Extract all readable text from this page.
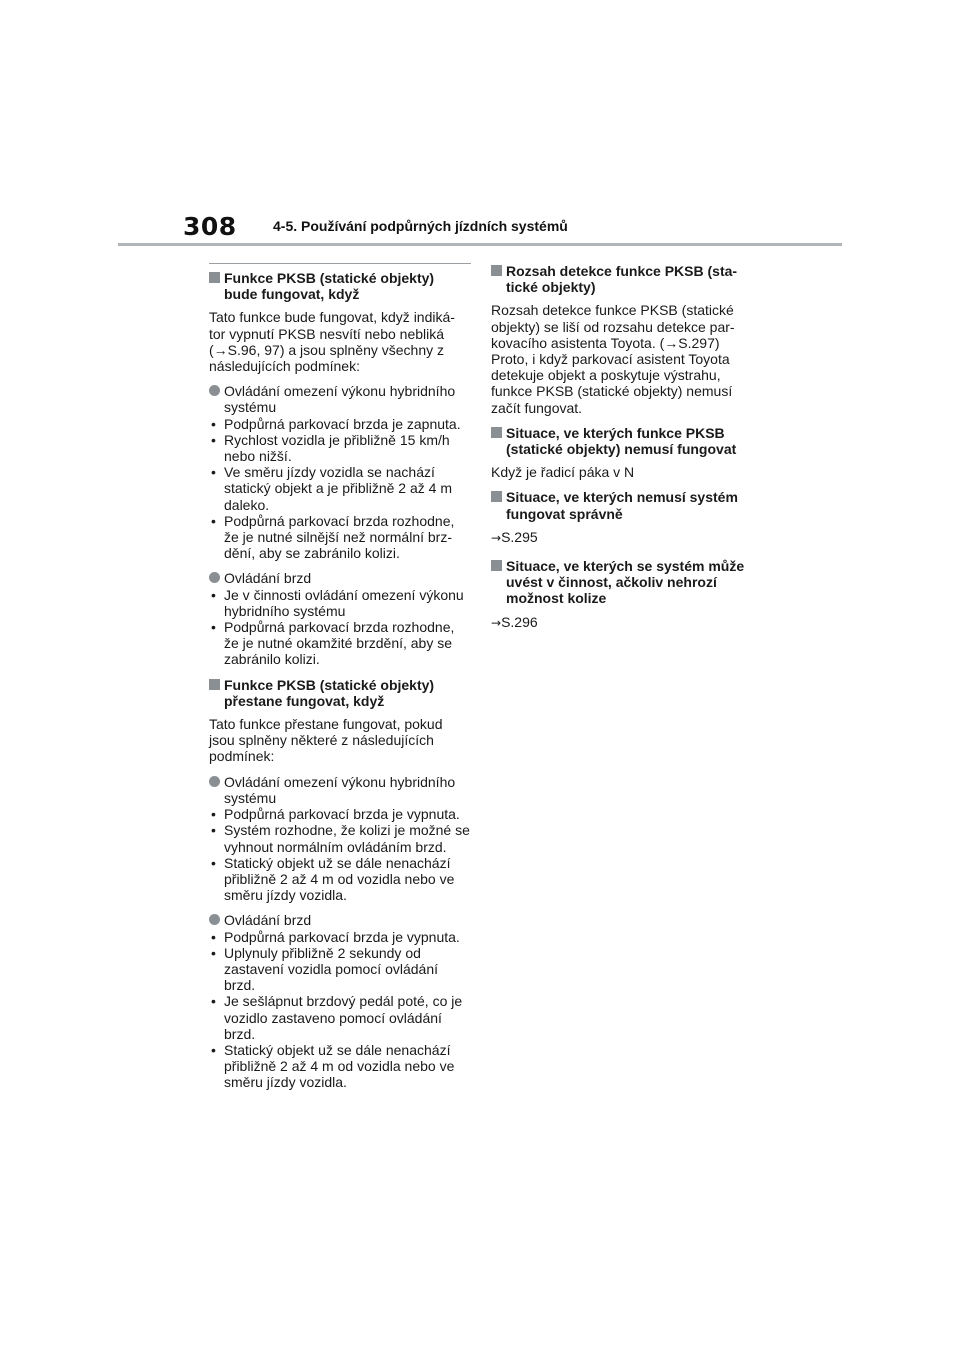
308	4-5. Používání podpůrných jízdních systémů
Funkce PKSB (statické objekty) bude fungovat, když
Tato funkce bude fungovat, když indiká-tor vypnutí PKSB nesvítí nebo nebliká (→S.96, 97) a jsou splněny všechny z následujících podmínek:
Ovládání omezení výkonu hybridního systému
• Podpůrná parkovací brzda je zapnuta.
• Rychlost vozidla je přibližně 15 km/h nebo nižší.
• Ve směru jízdy vozidla se nachází statický objekt a je přibližně 2 až 4 m daleko.
• Podpůrná parkovací brzda rozhodne, že je nutné silnější než normální brz-dění, aby se zabránilo kolizi.
Ovládání brzd
• Je v činnosti ovládání omezení výkonu hybridního systému
• Podpůrná parkovací brzda rozhodne, že je nutné okamžité brzdění, aby se zabránilo kolizi.
Funkce PKSB (statické objekty) přestane fungovat, když
Tato funkce přestane fungovat, pokud jsou splněny některé z následujících podmínek:
Ovládání omezení výkonu hybridního systému
• Podpůrná parkovací brzda je vypnuta.
• Systém rozhodne, že kolizi je možné se vyhnout normálním ovládáním brzd.
• Statický objekt už se dále nenachází přibližně 2 až 4 m od vozidla nebo ve směru jízdy vozidla.
Ovládání brzd
• Podpůrná parkovací brzda je vypnuta.
• Uplynuly přibližně 2 sekundy od zastavení vozidla pomocí ovládání brzd.
• Je sešlápnut brzdový pedál poté, co je vozidlo zastaveno pomocí ovládání brzd.
• Statický objekt už se dále nenachází přibližně 2 až 4 m od vozidla nebo ve směru jízdy vozidla.
Rozsah detekce funkce PKSB (sta-tické objekty)
Rozsah detekce funkce PKSB (statické objekty) se liší od rozsahu detekce par-kovacího asistenta Toyota. (→S.297) Proto, i když parkovací asistent Toyota detekuje objekt a poskytuje výstrahu, funkce PKSB (statické objekty) nemusí začít fungovat.
Situace, ve kterých funkce PKSB (statické objekty) nemusí fungovat
Když je řadicí páka v N
Situace, ve kterých nemusí systém fungovat správně
→S.295
Situace, ve kterých se systém může uvést v činnost, ačkoliv nehrozí možnost kolize
→S.296
